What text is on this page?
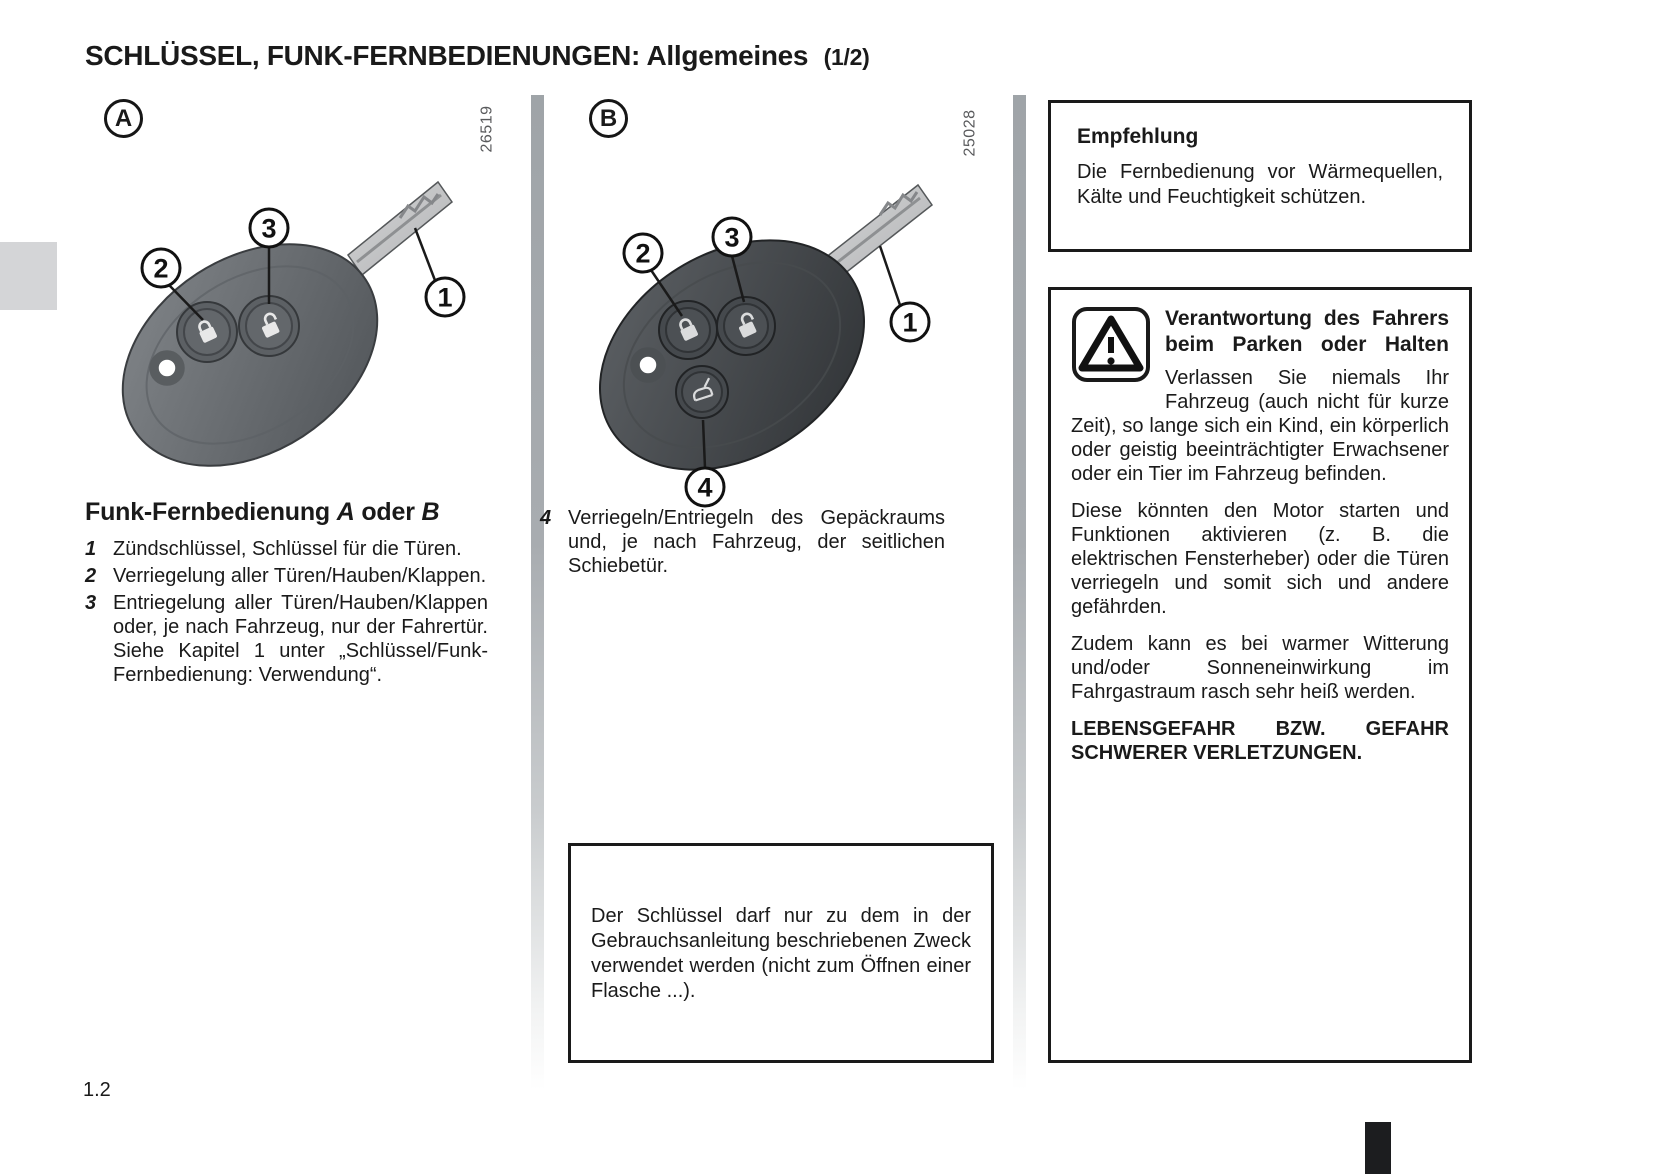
SCHLÜSSEL, FUNK-FERNBEDIENUNGEN: Allgemeines (1/2)
A	26519
3
2
1
B	25028
2
3
1
4
Funk-Fernbedienung A oder B
1 Zündschlüssel, Schlüssel für die Türen.
2 Verriegelung aller Türen/Hauben/Klappen.
3 Entriegelung aller Türen/Hauben/Klappen oder, je nach Fahrzeug, nur der Fahrertür. Siehe Kapitel 1 unter „Schlüssel/Funk-Fernbedienung: Verwendung“.
4 Verriegeln/Entriegeln des Gepäckraums und, je nach Fahrzeug, der seitlichen Schiebetür.
Der Schlüssel darf nur zu dem in der Gebrauchsanleitung beschriebenen Zweck verwendet werden (nicht zum Öffnen einer Flasche ...).
Empfehlung
Die Fernbedienung vor Wärmequellen, Kälte und Feuchtigkeit schützen.
Verantwortung des Fahrers
beim Parken oder Halten

Verlassen Sie niemals Ihr Fahrzeug (auch nicht für kurze Zeit), so lange sich ein Kind, ein körperlich oder geistig beeinträchtigter Erwachsener oder ein Tier im Fahrzeug befinden.

Diese könnten den Motor starten und Funktionen aktivieren (z. B. die elektrischen Fensterheber) oder die Türen verriegeln und somit sich und andere gefährden.

Zudem kann es bei warmer Witterung und/oder Sonneneinwirkung im Fahrgastraum rasch sehr heiß werden.

LEBENSGEFAHR BZW. GEFAHR SCHWERER VERLETZUNGEN.

1.2
